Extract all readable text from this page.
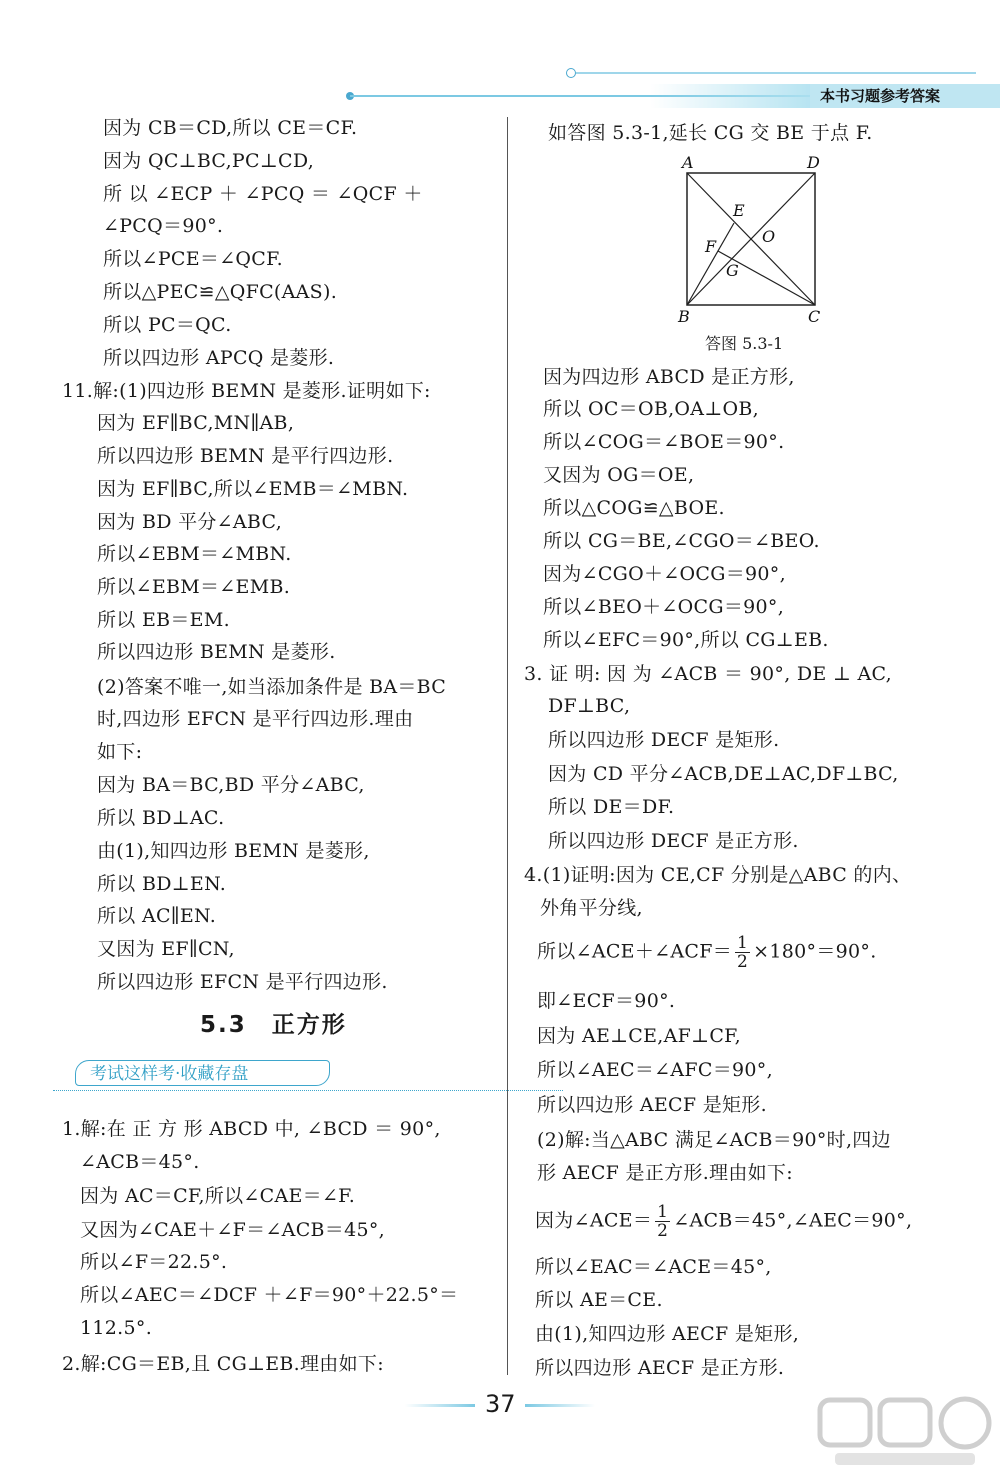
本书习题参考答案
因为 CB＝CD,所以 CE＝CF.
因为 QC⊥BC,PC⊥CD,
所 以 ∠ECP ＋ ∠PCQ ＝ ∠QCF ＋
∠PCQ＝90°.
所以∠PCE＝∠QCF.
所以△PEC≌△QFC(AAS).
所以 PC＝QC.
所以四边形 APCQ 是菱形.
11.解:(1)四边形 BEMN 是菱形.证明如下:
因为 EF∥BC,MN∥AB,
所以四边形 BEMN 是平行四边形.
因为 EF∥BC,所以∠EMB＝∠MBN.
因为 BD 平分∠ABC,
所以∠EBM＝∠MBN.
所以∠EBM＝∠EMB.
所以 EB＝EM.
所以四边形 BEMN 是菱形.
(2)答案不唯一,如当添加条件是 BA＝BC
时,四边形 EFCN 是平行四边形.理由
如下:
因为 BA＝BC,BD 平分∠ABC,
所以 BD⊥AC.
由(1),知四边形 BEMN 是菱形,
所以 BD⊥EN.
所以 AC∥EN.
又因为 EF∥CN,
所以四边形 EFCN 是平行四边形.
1.解:在 正 方 形 ABCD 中, ∠BCD ＝ 90°,
∠ACB＝45°.
因为 AC＝CF,所以∠CAE＝∠F.
又因为∠CAE＋∠F＝∠ACB＝45°,
所以∠F＝22.5°.
所以∠AEC＝∠DCF ＋∠F＝90°＋22.5°＝
112.5°.
2.解:CG＝EB,且 CG⊥EB.理由如下:
如答图 5.3-1,延长 CG 交 BE 于点 F.
因为四边形 ABCD 是正方形,
所以 OC＝OB,OA⊥OB,
所以∠COG＝∠BOE＝90°.
又因为 OG＝OE,
所以△COG≌△BOE.
所以 CG＝BE,∠CGO＝∠BEO.
因为∠CGO＋∠OCG＝90°,
所以∠BEO＋∠OCG＝90°,
所以∠EFC＝90°,所以 CG⊥EB.
3. 证 明: 因 为 ∠ACB ＝ 90°, DE ⊥ AC,
DF⊥BC,
所以四边形 DECF 是矩形.
因为 CD 平分∠ACB,DE⊥AC,DF⊥BC,
所以 DE＝DF.
所以四边形 DECF 是正方形.
4.(1)证明:因为 CE,CF 分别是△ABC 的内、
外角平分线,
即∠ECF＝90°.
因为 AE⊥CE,AF⊥CF,
所以∠AEC＝∠AFC＝90°,
所以四边形 AECF 是矩形.
(2)解:当△ABC 满足∠ACB＝90°时,四边
形 AECF 是正方形.理由如下:
所以∠EAC＝∠ACE＝45°,
所以 AE＝CE.
由(1),知四边形 AECF 是矩形,
所以四边形 AECF 是正方形.
5.3　正方形
考试这样考·收藏存盘
所以∠ACE＋∠ACF＝ $\frac{1}{2} \times 180^\circ=90^\circ$.
因为∠ACE＝ $\frac{1}{2}$ ∠ACB＝45°,∠AEC＝90°,
A	D
B	C
E
O
F
G
答图 5.3-1
37
